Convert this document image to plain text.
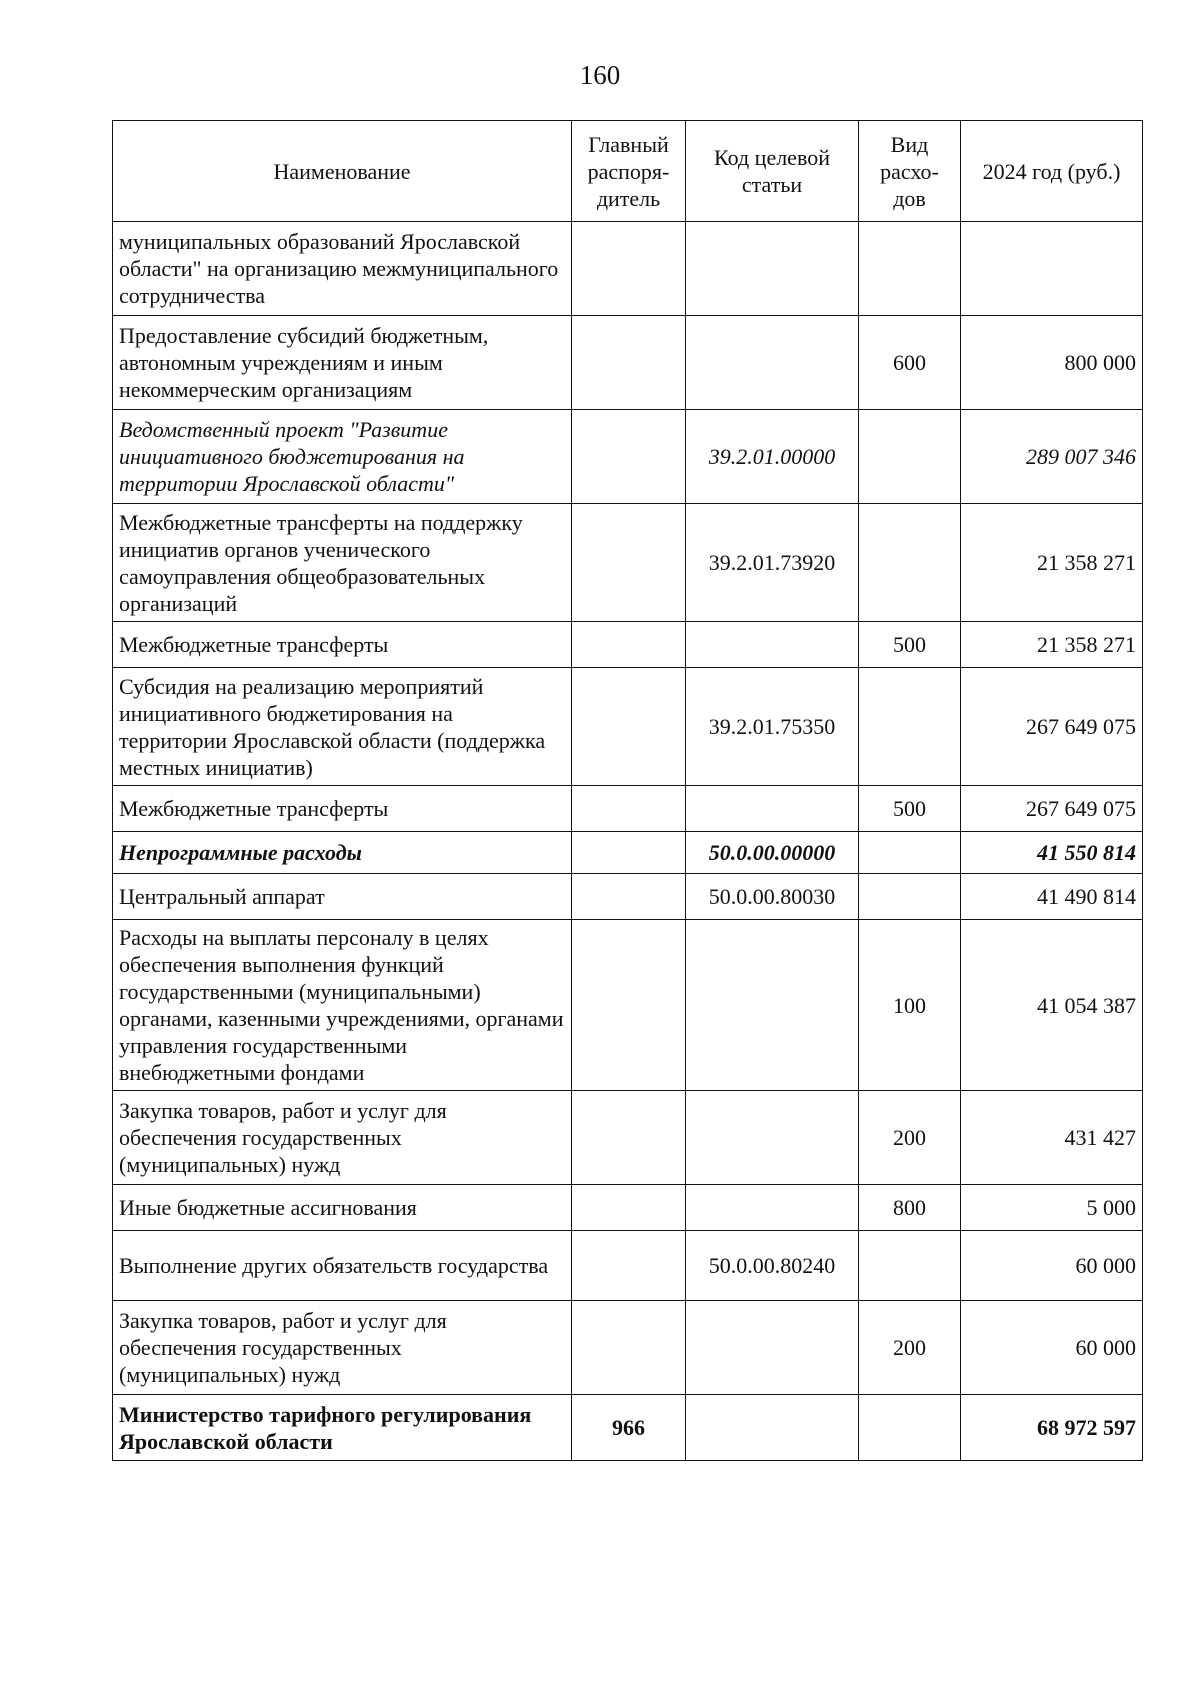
160
Наименование	Главный распоря-дитель	Код целевой статьи	Вид расхо-дов	2024 год (руб.)
муниципальных образований Ярославской области" на организацию межмуниципального сотрудничества				
Предоставление субсидий бюджетным, автономным учреждениям и иным некоммерческим организациям			600	800 000
Ведомственный проект "Развитие инициативного бюджетирования на территории Ярославской области"		39.2.01.00000		289 007 346
Межбюджетные трансферты на поддержку инициатив органов ученического самоуправления общеобразовательных организаций		39.2.01.73920		21 358 271
Межбюджетные трансферты			500	21 358 271
Субсидия на реализацию мероприятий инициативного бюджетирования на территории Ярославской области (поддержка местных инициатив)		39.2.01.75350		267 649 075
Межбюджетные трансферты			500	267 649 075
Непрограммные расходы		50.0.00.00000		41 550 814
Центральный аппарат		50.0.00.80030		41 490 814
Расходы на выплаты персоналу в целях обеспечения выполнения функций государственными (муниципальными) органами, казенными учреждениями, органами управления государственными внебюджетными фондами			100	41 054 387
Закупка товаров, работ и услуг для обеспечения государственных (муниципальных) нужд			200	431 427
Иные бюджетные ассигнования			800	5 000
Выполнение других обязательств государства		50.0.00.80240		60 000
Закупка товаров, работ и услуг для обеспечения государственных (муниципальных) нужд			200	60 000
Министерство тарифного регулирования Ярославской области	966			68 972 597
